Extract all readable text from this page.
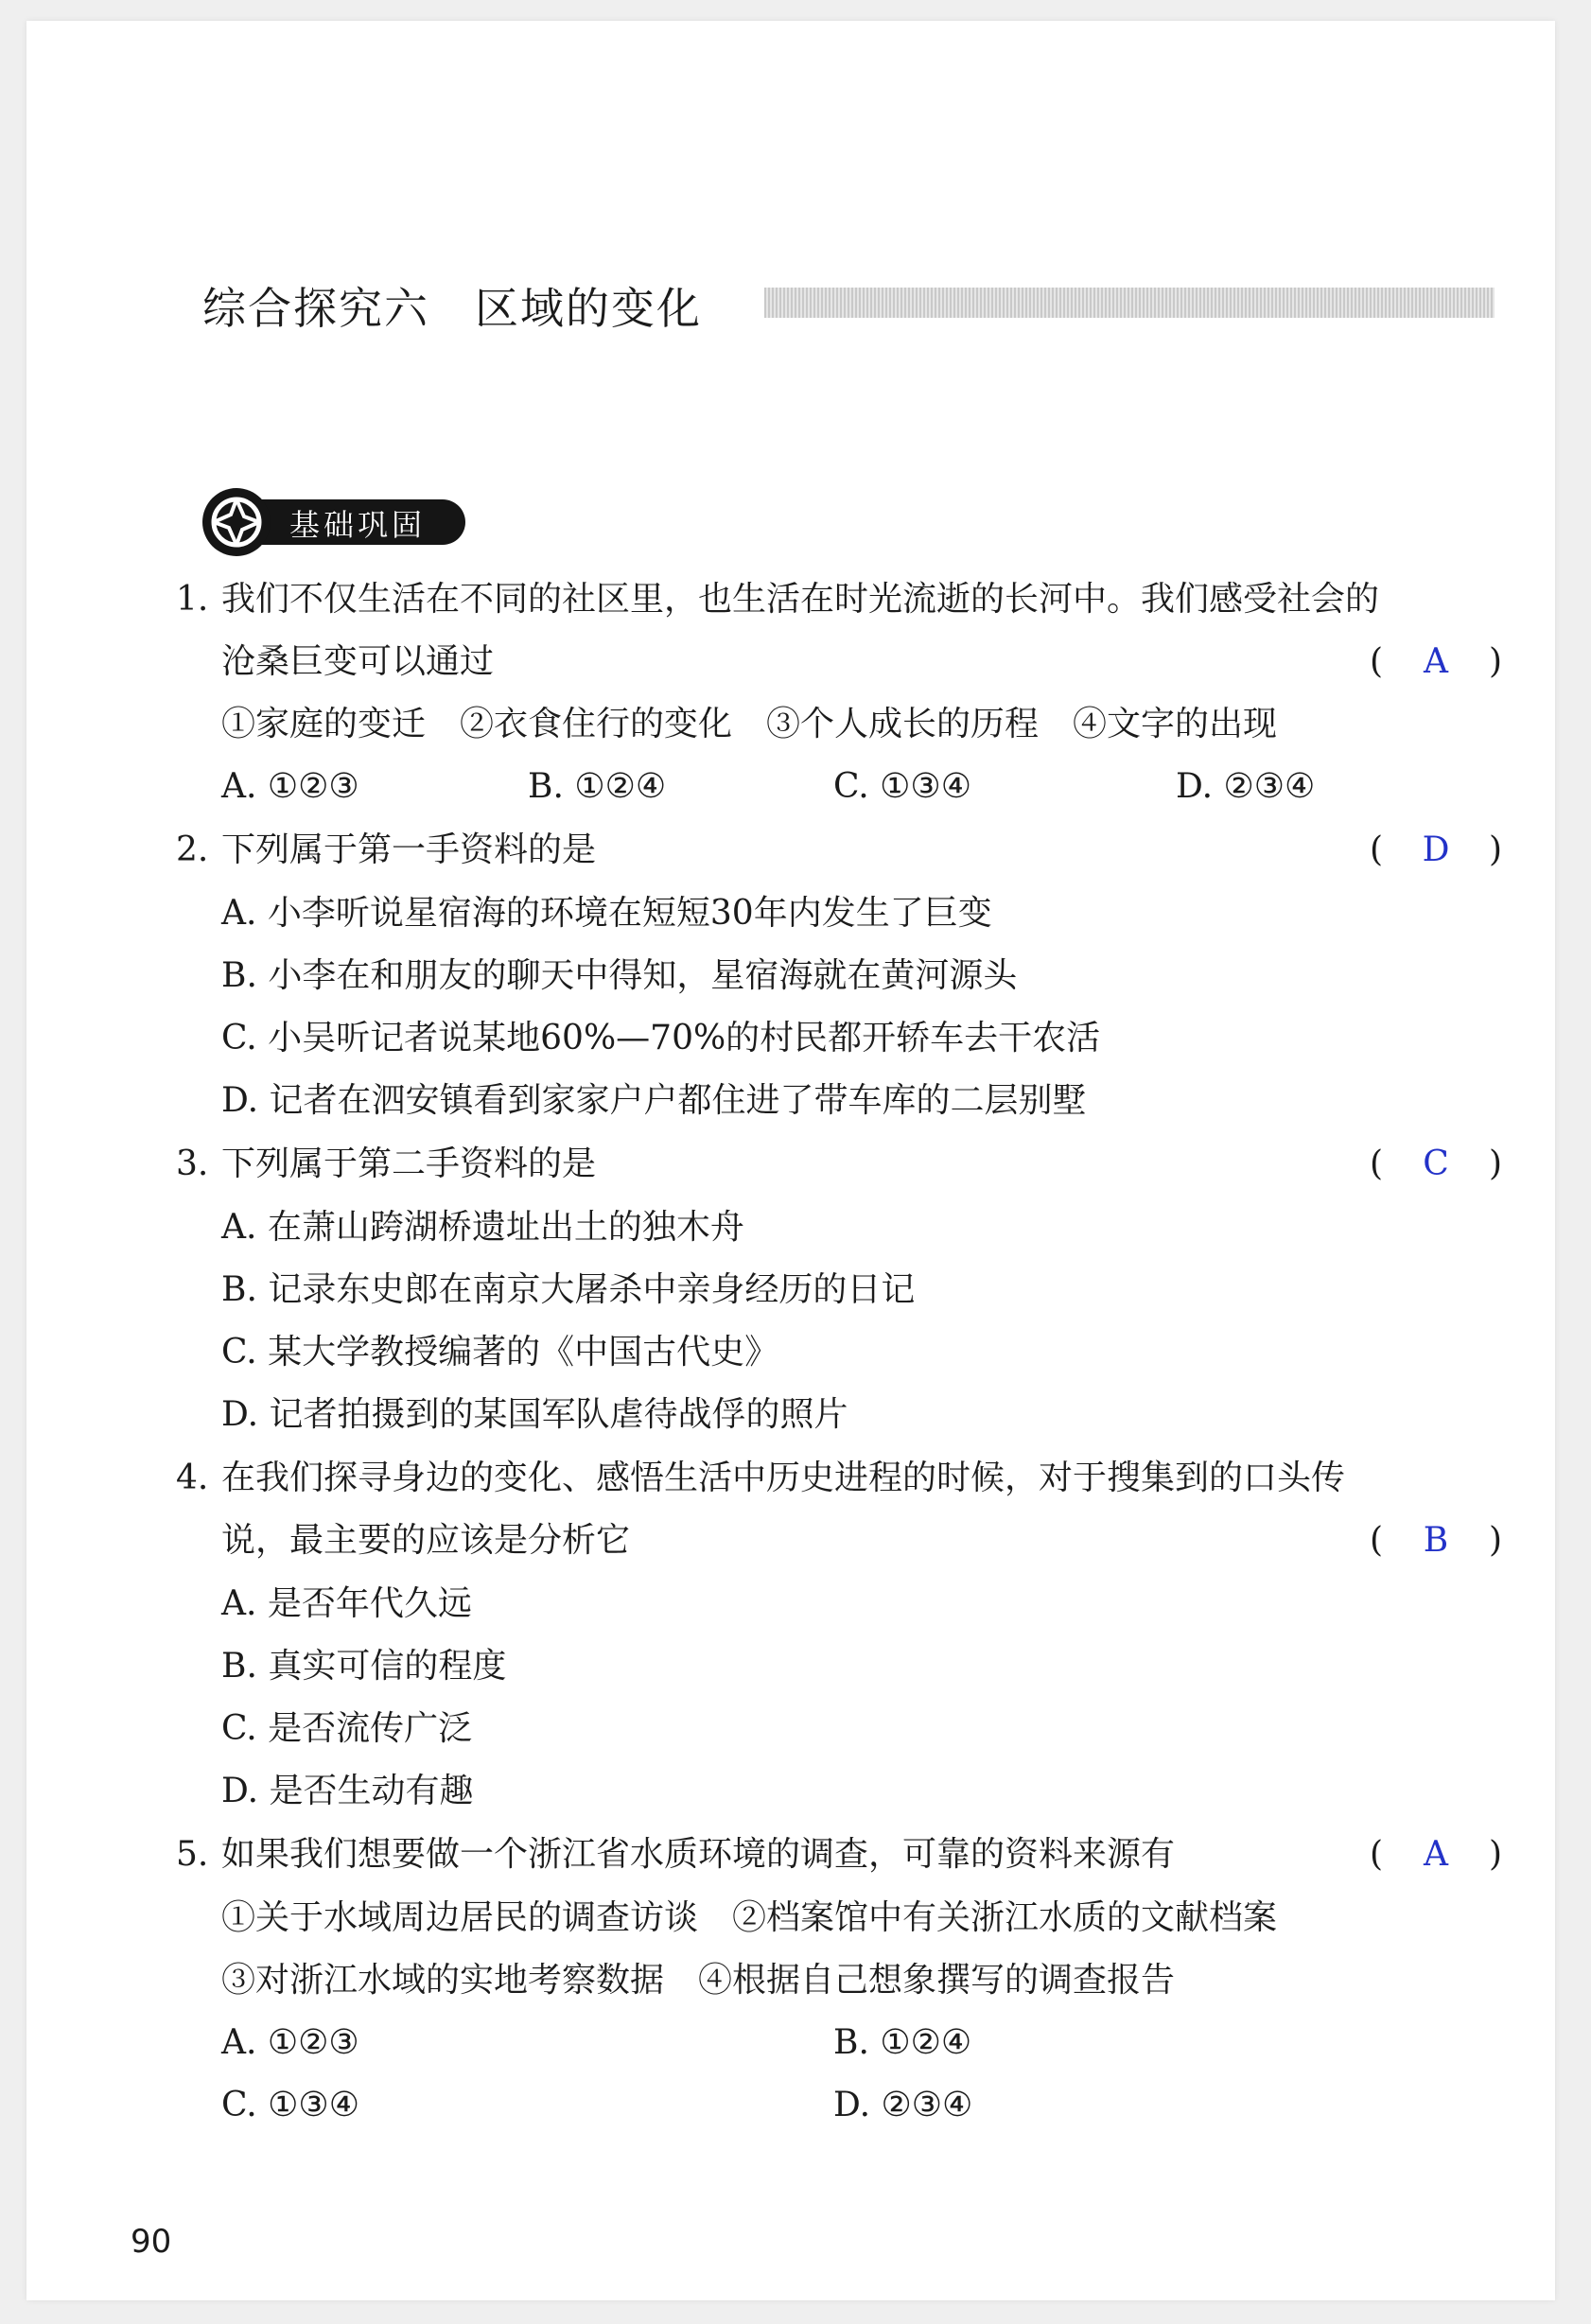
综合探究六　区域的变化
基础巩固
1. 我们不仅生活在不同的社区里，也生活在时光流逝的长河中。我们感受社会的
沧桑巨变可以通过	(	A	)
①家庭的变迁　②衣食住行的变化　③个人成长的历程　④文字的出现
A. ①②③	B. ①②④	C. ①③④	D. ②③④
2. 下列属于第一手资料的是	(	D	)
A. 小李听说星宿海的环境在短短30年内发生了巨变
B. 小李在和朋友的聊天中得知，星宿海就在黄河源头
C. 小吴听记者说某地60%—70%的村民都开轿车去干农活
D. 记者在泗安镇看到家家户户都住进了带车库的二层别墅
3. 下列属于第二手资料的是	(	C	)
A. 在萧山跨湖桥遗址出土的独木舟
B. 记录东史郎在南京大屠杀中亲身经历的日记
C. 某大学教授编著的《中国古代史》
D. 记者拍摄到的某国军队虐待战俘的照片
4. 在我们探寻身边的变化、感悟生活中历史进程的时候，对于搜集到的口头传
说，最主要的应该是分析它	(	B	)
A. 是否年代久远
B. 真实可信的程度
C. 是否流传广泛
D. 是否生动有趣
5. 如果我们想要做一个浙江省水质环境的调查，可靠的资料来源有	(	A	)
①关于水域周边居民的调查访谈　②档案馆中有关浙江水质的文献档案
③对浙江水域的实地考察数据　④根据自己想象撰写的调查报告
A. ①②③	B. ①②④
C. ①③④	D. ②③④
90
